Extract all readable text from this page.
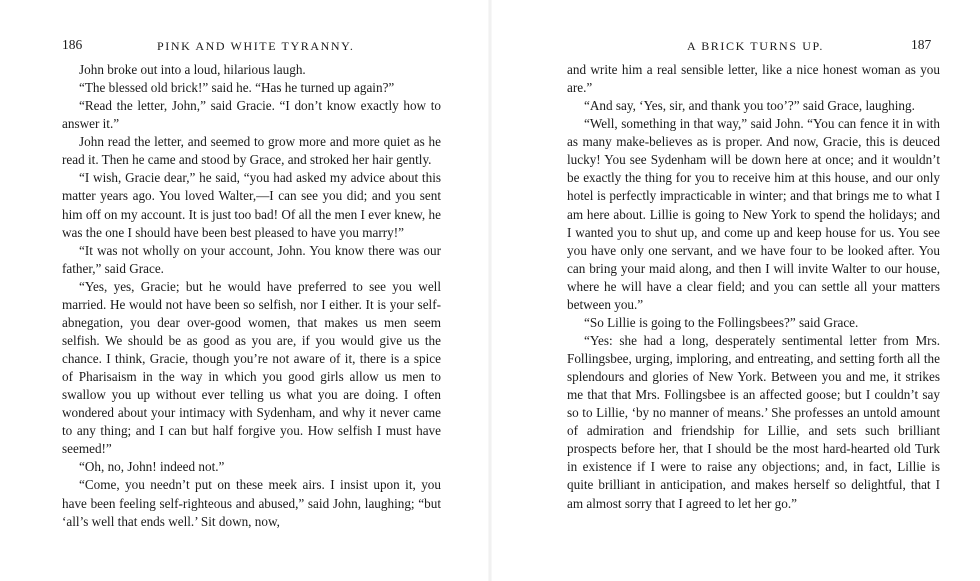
186	PINK AND WHITE TYRANNY.

John broke out into a loud, hilarious laugh.

“The blessed old brick!” said he. “Has he turned up again?”

“Read the letter, John,” said Gracie. “I don’t know exactly how to answer it.”

John read the letter, and seemed to grow more and more quiet as he read it. Then he came and stood by Grace, and stroked her hair gently.

“I wish, Gracie dear,” he said, “you had asked my advice about this matter years ago. You loved Walter,—I can see you did; and you sent him off on my account. It is just too bad! Of all the men I ever knew, he was the one I should have been best pleased to have you marry!”

“It was not wholly on your account, John. You know there was our father,” said Grace.

“Yes, yes, Gracie; but he would have preferred to see you well married. He would not have been so selfish, nor I either. It is your self-abnegation, you dear over-good women, that makes us men seem selfish. We should be as good as you are, if you would give us the chance. I think, Gracie, though you’re not aware of it, there is a spice of Pharisaism in the way in which you good girls allow us men to swallow you up without ever telling us what you are doing. I often wondered about your intimacy with Sydenham, and why it never came to any thing; and I can but half forgive you. How selfish I must have seemed!”

“Oh, no, John! indeed not.”

“Come, you needn’t put on these meek airs. I insist upon it, you have been feeling self-righteous and abused,” said John, laughing; “but ‘all’s well that ends well.’ Sit down, now,

A BRICK TURNS UP.	187

and write him a real sensible letter, like a nice honest woman as you are.”

“And say, ‘Yes, sir, and thank you too’?” said Grace, laughing.

“Well, something in that way,” said John. “You can fence it in with as many make-believes as is proper. And now, Gracie, this is deuced lucky! You see Sydenham will be down here at once; and it wouldn’t be exactly the thing for you to receive him at this house, and our only hotel is perfectly impracticable in winter; and that brings me to what I am here about. Lillie is going to New York to spend the holidays; and I wanted you to shut up, and come up and keep house for us. You see you have only one servant, and we have four to be looked after. You can bring your maid along, and then I will invite Walter to our house, where he will have a clear field; and you can settle all your matters between you.”

“So Lillie is going to the Follingsbees?” said Grace.

“Yes: she had a long, desperately sentimental letter from Mrs. Follingsbee, urging, imploring, and entreating, and setting forth all the splendours and glories of New York. Between you and me, it strikes me that that Mrs. Follingsbee is an affected goose; but I couldn’t say so to Lillie, ‘by no manner of means.’ She professes an untold amount of admiration and friendship for Lillie, and sets such brilliant prospects before her, that I should be the most hard-hearted old Turk in existence if I were to raise any objections; and, in fact, Lillie is quite brilliant in anticipation, and makes herself so delightful, that I am almost sorry that I agreed to let her go.”
